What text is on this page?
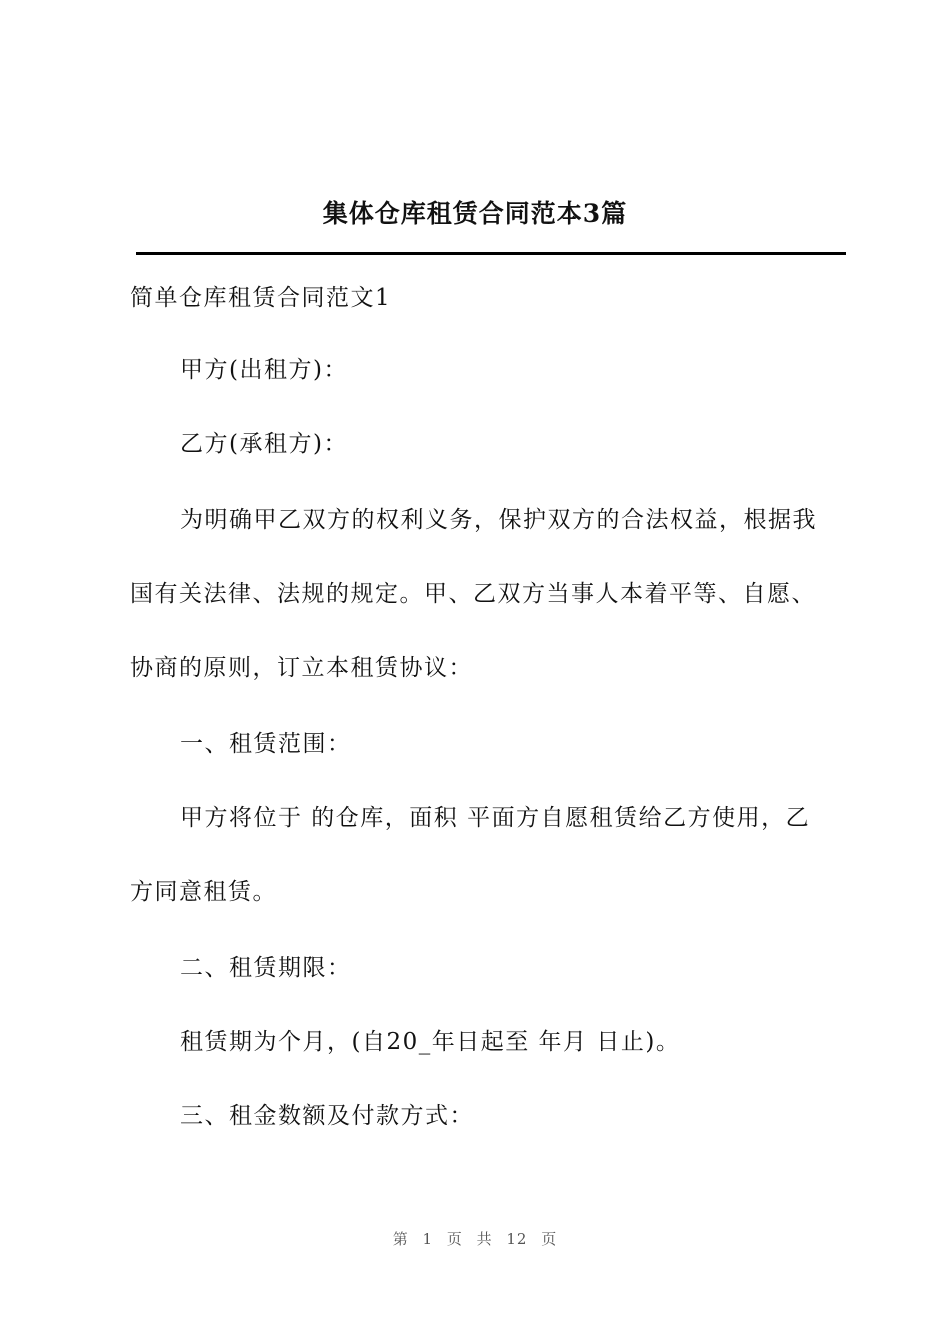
集体仓库租赁合同范本3篇
简单仓库租赁合同范文1
甲方(出租方)：
乙方(承租方)：
为明确甲乙双方的权利义务，保护双方的合法权益，根据我
国有关法律、法规的规定。甲、乙双方当事人本着平等、自愿、
协商的原则，订立本租赁协议：
一、租赁范围：
甲方将位于 的仓库，面积 平面方自愿租赁给乙方使用，乙
方同意租赁。
二、租赁期限：
租赁期为个月，(自20_年日起至 年月 日止)。
三、租金数额及付款方式：
第 1 页 共 12 页
